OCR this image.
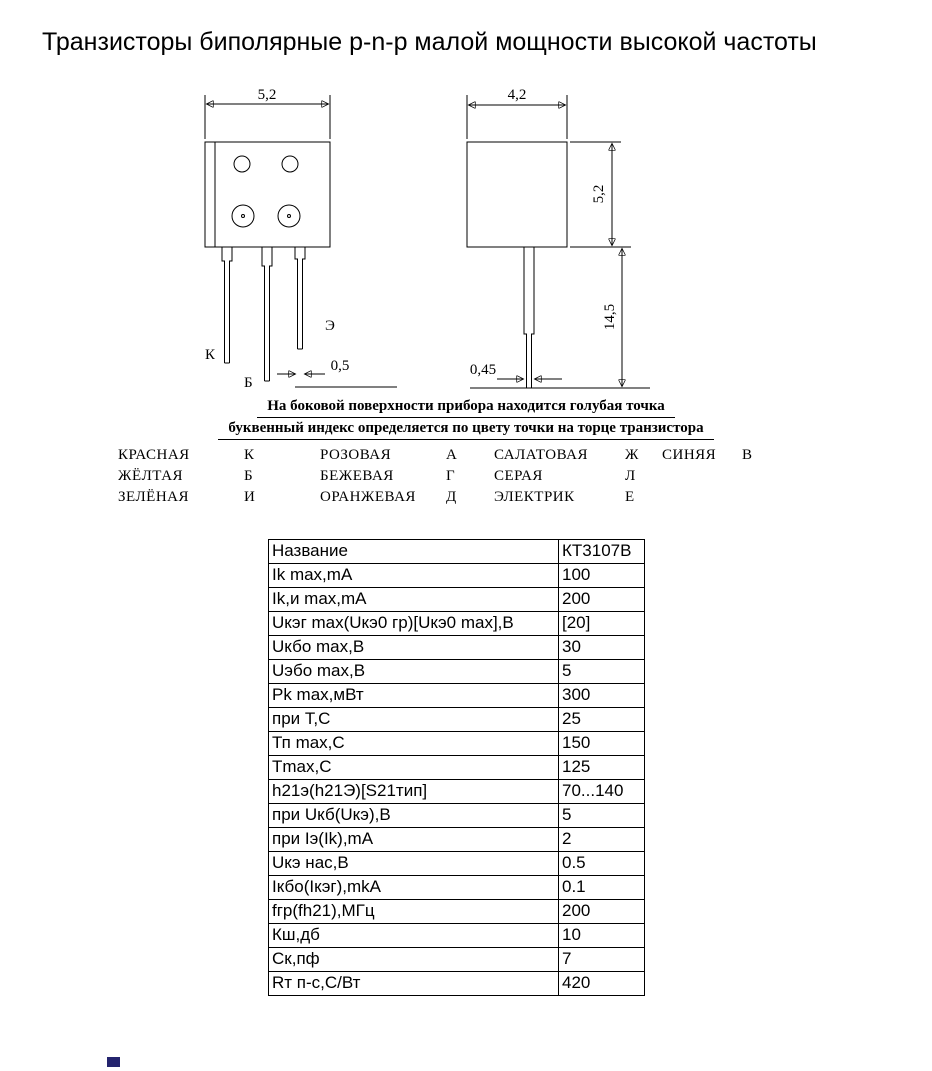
Транзисторы биполярные p-n-p малой мощности высокой частоты
5,2
0,5
К
Б
Э
4,2
5,2
14,5
0,45
На боковой поверхности прибора находится голубая точка
буквенный индекс определяется по цвету точки на торце транзистора
КРАСНАЯ	К	РОЗОВАЯ	А	САЛАТОВАЯ	Ж	СИНЯЯ	В
ЖЁЛТАЯ	Б	БЕЖЕВАЯ	Г	СЕРАЯ	Л
ЗЕЛЁНАЯ	И	ОРАНЖЕВАЯ	Д	ЭЛЕКТРИК	Е
Название	КТ3107В
Ik max,mA	100
Ik,и max,mA	200
Uкэг max(Uкэ0 гр)[Uкэ0 max],В	[20]
Uкбо max,В	30
Uэбо max,В	5
Pk max,мВт	300
при Т,С	25
Тп max,С	150
Tmax,С	125
h21э(h21Э)[S21тип]	70...140
при Uкб(Uкэ),В	5
при Iэ(Ik),mA	2
Uкэ нас,В	0.5
Iкбо(Iкэг),mkA	0.1
fгр(fh21),МГц	200
Кш,дб	10
Ск,пф	7
Rт п-с,С/Вт	420
